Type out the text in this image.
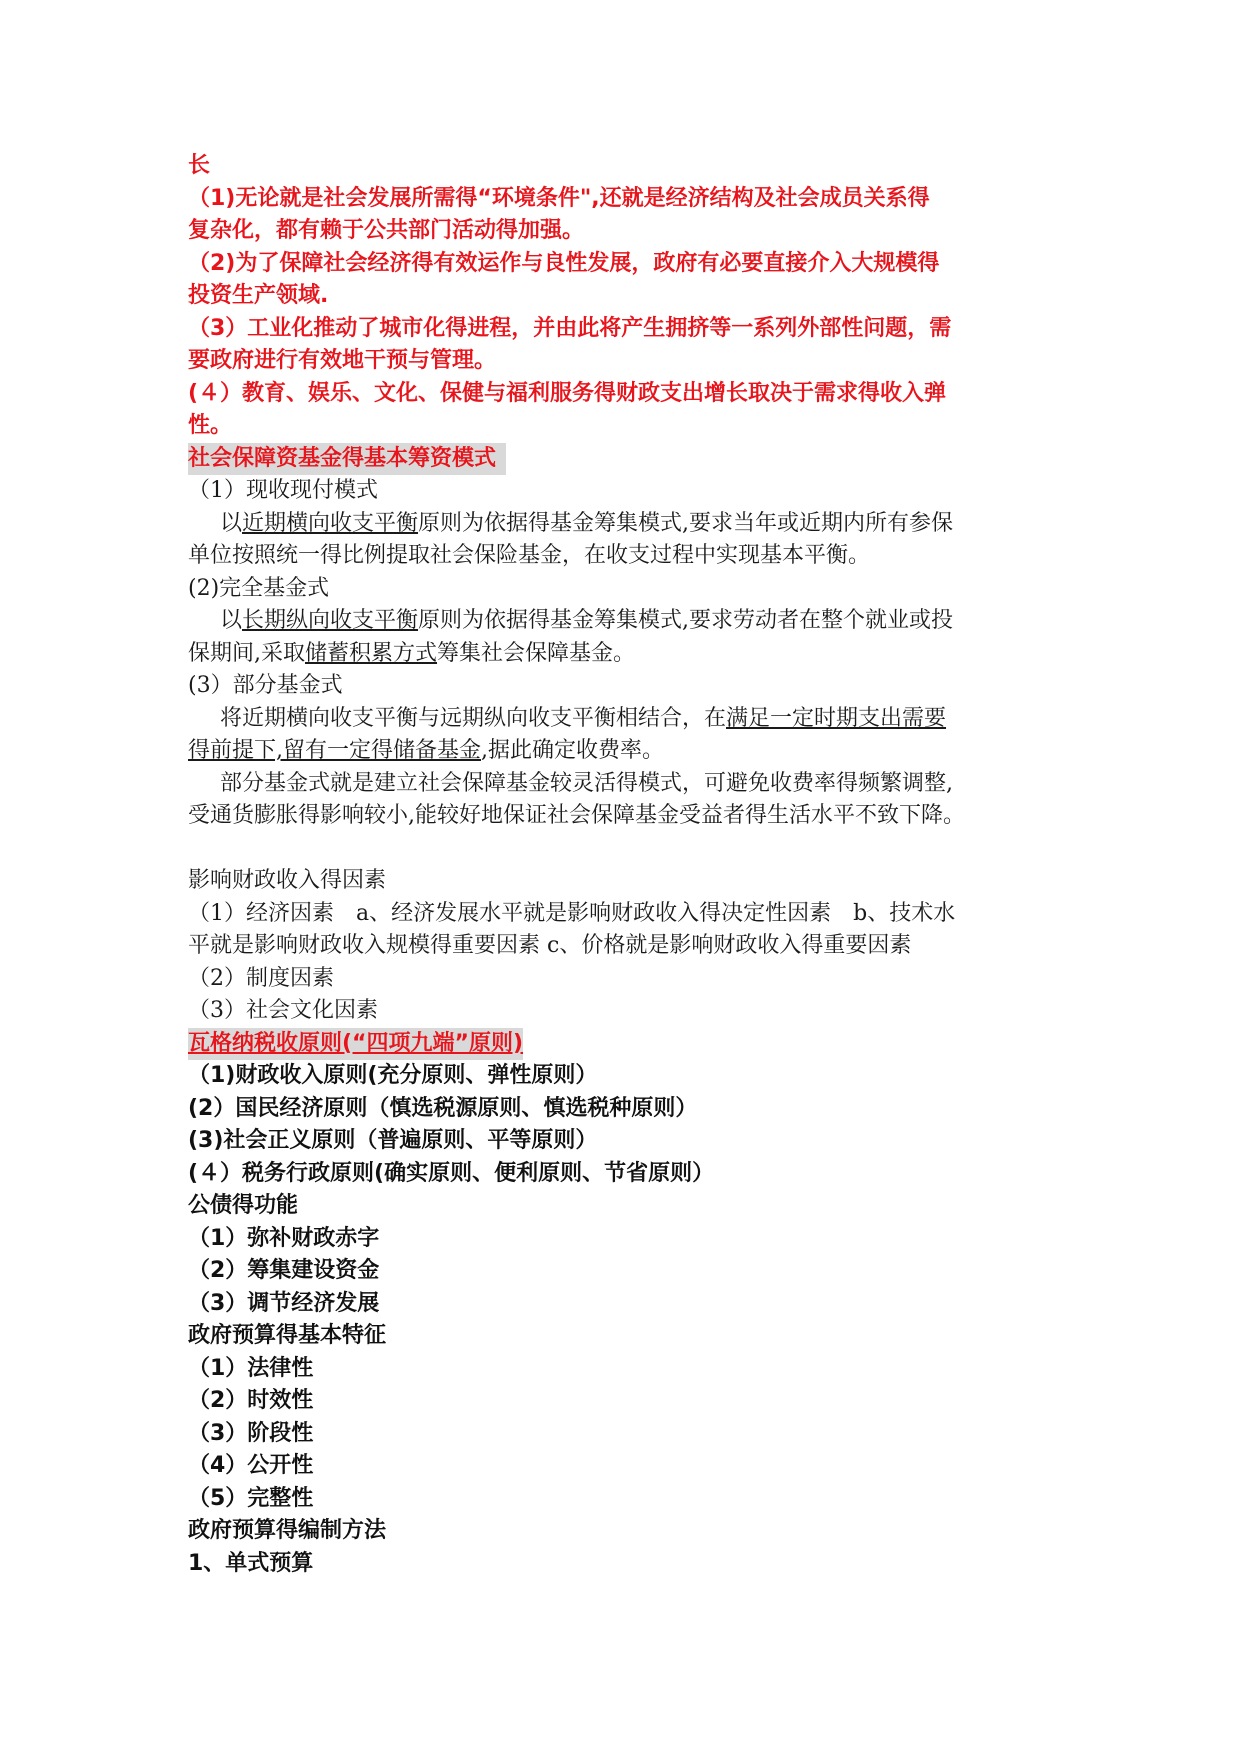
长
（1)无论就是社会发展所需得“环境条件",还就是经济结构及社会成员关系得
复杂化，都有赖于公共部门活动得加强。
（2)为了保障社会经济得有效运作与良性发展，政府有必要直接介入大规模得
投资生产领域.
（3）工业化推动了城市化得进程，并由此将产生拥挤等一系列外部性问题，需
要政府进行有效地干预与管理。
(４）教育、娱乐、文化、保健与福利服务得财政支出增长取决于需求得收入弹
性。
社会保障资基金得基本筹资模式
（1）现收现付模式
以近期横向收支平衡原则为依据得基金筹集模式,要求当年或近期内所有参保
单位按照统一得比例提取社会保险基金，在收支过程中实现基本平衡。
(2)完全基金式
以长期纵向收支平衡原则为依据得基金筹集模式,要求劳动者在整个就业或投
保期间,采取储蓄积累方式筹集社会保障基金。
(3）部分基金式
将近期横向收支平衡与远期纵向收支平衡相结合，在满足一定时期支出需要
得前提下,留有一定得储备基金,据此确定收费率。
部分基金式就是建立社会保障基金较灵活得模式，可避免收费率得频繁调整,
受通货膨胀得影响较小,能较好地保证社会保障基金受益者得生活水平不致下降。
影响财政收入得因素
（1）经济因素　a、经济发展水平就是影响财政收入得决定性因素　b、技术水
平就是影响财政收入规模得重要因素 c、价格就是影响财政收入得重要因素
（2）制度因素
（3）社会文化因素
瓦格纳税收原则(“四项九端”原则)
（1)财政收入原则(充分原则、弹性原则）
(2）国民经济原则（慎选税源原则、慎选税种原则）
(3)社会正义原则（普遍原则、平等原则）
(４）税务行政原则(确实原则、便利原则、节省原则）
公债得功能
（1）弥补财政赤字
（2）筹集建设资金
（3）调节经济发展
政府预算得基本特征
（1）法律性
（2）时效性
（3）阶段性
（4）公开性
（5）完整性
政府预算得编制方法
1、单式预算
